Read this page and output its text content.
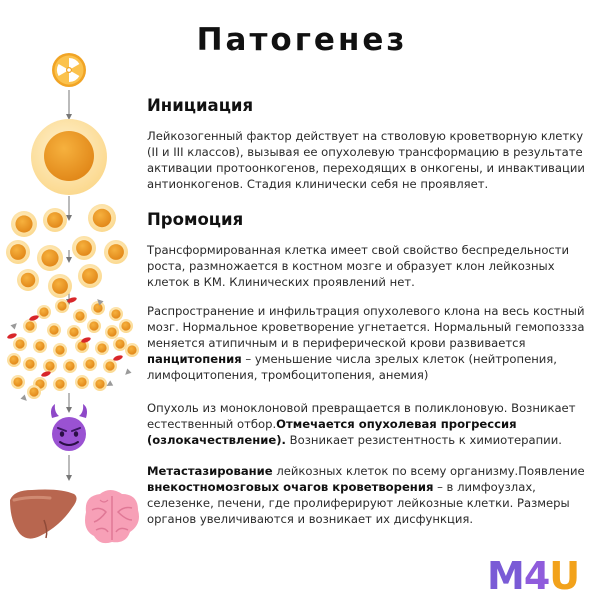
Патогенез
Инициация
Лейкозогенный фактор действует на стволовую кроветворную клетку (II и III классов), вызывая ее опухолевую трансформацию в результате активации протоонкогенов, переходящих в онкогены, и инвактивации антионкогенов. Стадия клинически себя не проявляет.
Промоция
Трансформированная клетка имеет свой свойство беспредельности роста, размножается в костном мозге и образует клон лейкозных клеток в КМ. Клинических проявлений нет.
Распространение и инфильтрация опухолевого клона на весь костный мозг. Нормальное кроветворение угнетается. Нормальный гемопоззза меняется атипичным и в периферической крови развивается панцитопения – уменьшение числа зрелых клеток (нейтропения, лимфоцитопения, тромбоцитопения, анемия)
Опухоль из моноклоновой превращается в поликлоновую. Возникает естественный отбор.Отмечается опухолевая прогрессия (озлокачествление). Возникает резистентность к химиотерапии.
Метастазирование лейкозных клеток по всему организму.Появление внекостномозговых очагов кроветворения – в лимфоузлах, селезенке, печени, где пролиферируют лейкозные клетки. Размеры органов увеличиваются и возникает их дисфункция.
M4U
